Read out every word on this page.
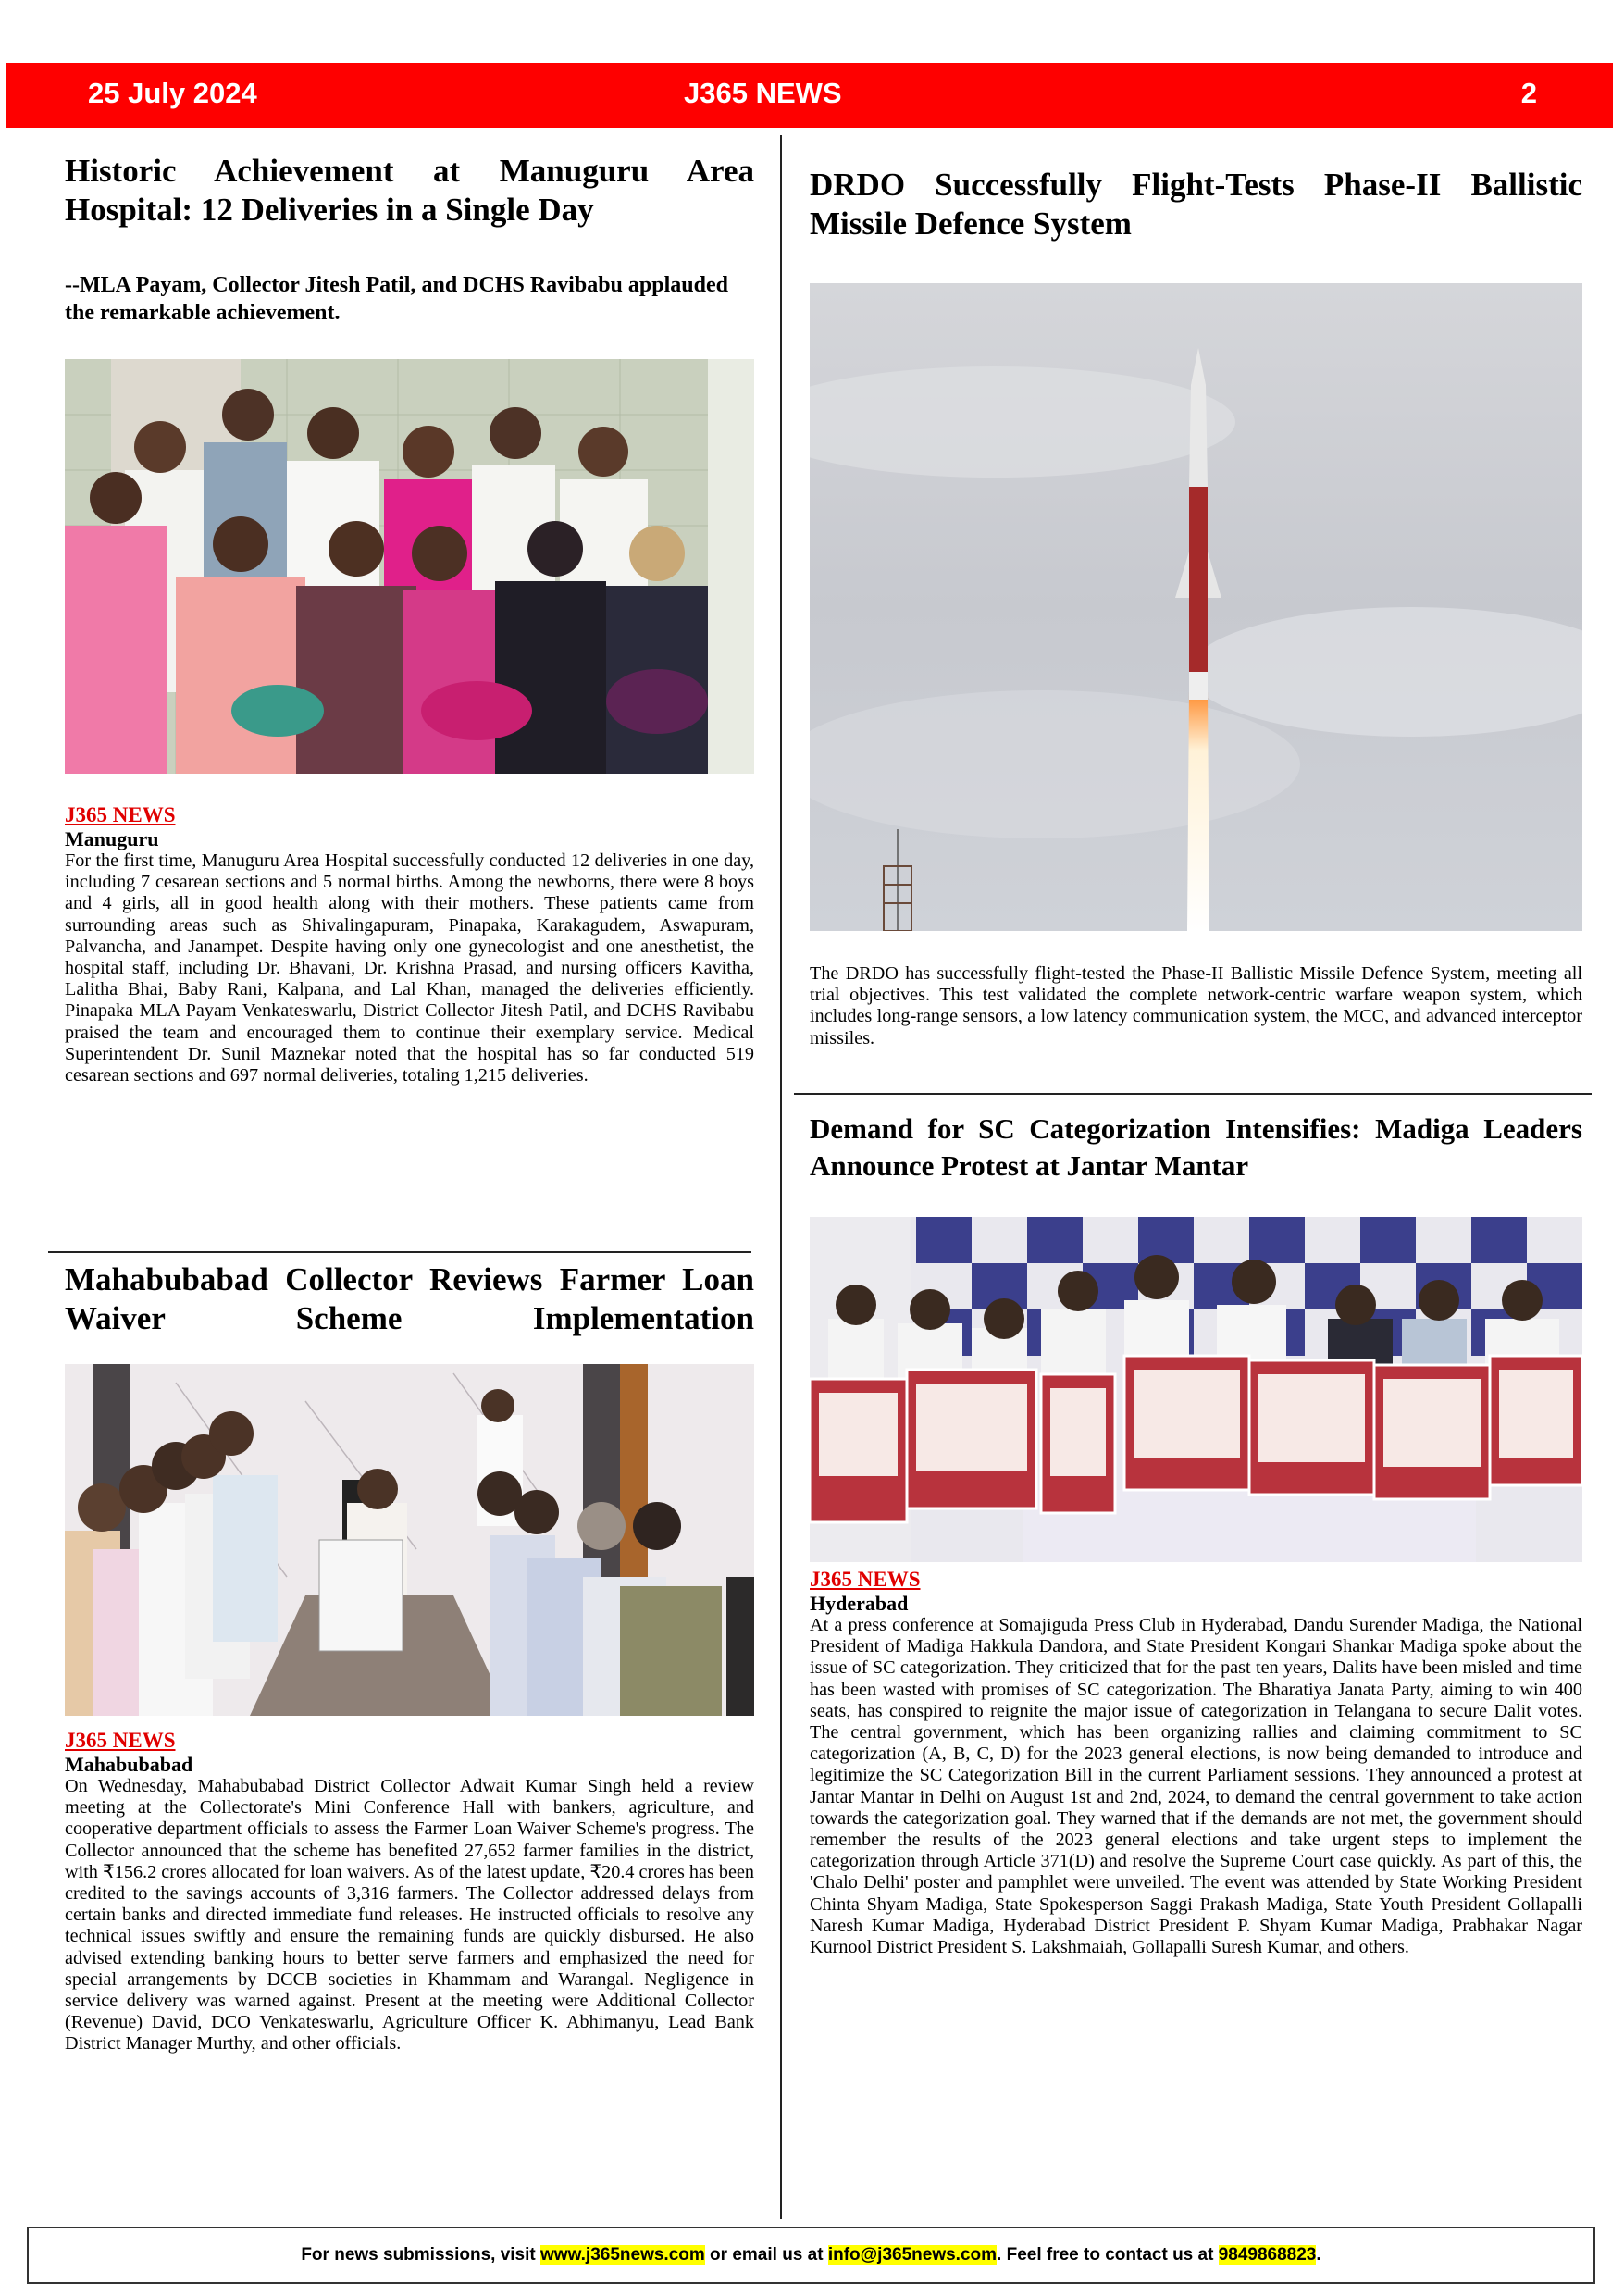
25 July 2024	J365 NEWS	2
Historic Achievement at Manuguru Area Hospital: 12 Deliveries in a Single Day
--MLA Payam, Collector Jitesh Patil, and DCHS Ravibabu applauded the remarkable achievement.
J365 NEWS
Manuguru
For the first time, Manuguru Area Hospital successfully conducted 12 deliveries in one day, including 7 cesarean sections and 5 normal births. Among the newborns, there were 8 boys and 4 girls, all in good health along with their mothers. These patients came from surrounding areas such as Shivalingapuram, Pinapaka, Karakagudem, Aswapuram, Palvancha, and Janampet. Despite having only one gynecologist and one anesthetist, the hospital staff, including Dr. Bhavani, Dr. Krishna Prasad, and nursing officers Kavitha, Lalitha Bhai, Baby Rani, Kalpana, and Lal Khan, managed the deliveries efficiently. Pinapaka MLA Payam Venkateswarlu, District Collector Jitesh Patil, and DCHS Ravibabu praised the team and encouraged them to continue their exemplary service. Medical Superintendent Dr. Sunil Maznekar noted that the hospital has so far conducted 519 cesarean sections and 697 normal deliveries, totaling 1,215 deliveries.
Mahabubabad Collector Reviews Farmer Loan Waiver Scheme Implementation
J365 NEWS
Mahabubabad
On Wednesday, Mahabubabad District Collector Adwait Kumar Singh held a review meeting at the Collectorate's Mini Conference Hall with bankers, agriculture, and cooperative department officials to assess the Farmer Loan Waiver Scheme's progress. The Collector announced that the scheme has benefited 27,652 farmer families in the district, with ₹156.2 crores allocated for loan waivers. As of the latest update, ₹20.4 crores has been credited to the savings accounts of 3,316 farmers. The Collector addressed delays from certain banks and directed immediate fund releases. He instructed officials to resolve any technical issues swiftly and ensure the remaining funds are quickly disbursed. He also advised extending banking hours to better serve farmers and emphasized the need for special arrangements by DCCB societies in Khammam and Warangal. Negligence in service delivery was warned against. Present at the meeting were Additional Collector (Revenue) David, DCO Venkateswarlu, Agriculture Officer K. Abhimanyu, Lead Bank District Manager Murthy, and other officials.
DRDO Successfully Flight-Tests Phase-II Ballistic Missile Defence System
The DRDO has successfully flight-tested the Phase-II Ballistic Missile Defence System, meeting all trial objectives. This test validated the complete network-centric warfare weapon system, which includes long-range sensors, a low latency communication system, the MCC, and advanced interceptor missiles.
Demand for SC Categorization Intensifies: Madiga Leaders Announce Protest at Jantar Mantar
J365 NEWS
Hyderabad
At a press conference at Somajiguda Press Club in Hyderabad, Dandu Surender Madiga, the National President of Madiga Hakkula Dandora, and State President Kongari Shankar Madiga spoke about the issue of SC categorization. They criticized that for the past ten years, Dalits have been misled and time has been wasted with promises of SC categorization. The Bharatiya Janata Party, aiming to win 400 seats, has conspired to reignite the major issue of categorization in Telangana to secure Dalit votes. The central government, which has been organizing rallies and claiming commitment to SC categorization (A, B, C, D) for the 2023 general elections, is now being demanded to introduce and legitimize the SC Categorization Bill in the current Parliament sessions. They announced a protest at Jantar Mantar in Delhi on August 1st and 2nd, 2024, to demand the central government to take action towards the categorization goal. They warned that if the demands are not met, the government should remember the results of the 2023 general elections and take urgent steps to implement the categorization through Article 371(D) and resolve the Supreme Court case quickly. As part of this, the 'Chalo Delhi' poster and pamphlet were unveiled. The event was attended by State Working President Chinta Shyam Madiga, State Spokesperson Saggi Prakash Madiga, State Youth President Gollapalli Naresh Kumar Madiga, Hyderabad District President P. Shyam Kumar Madiga, Prabhakar Nagar Kurnool District President S. Lakshmaiah, Gollapalli Suresh Kumar, and others.
For news submissions, visit www.j365news.com or email us at info@j365news.com. Feel free to contact us at 9849868823.
